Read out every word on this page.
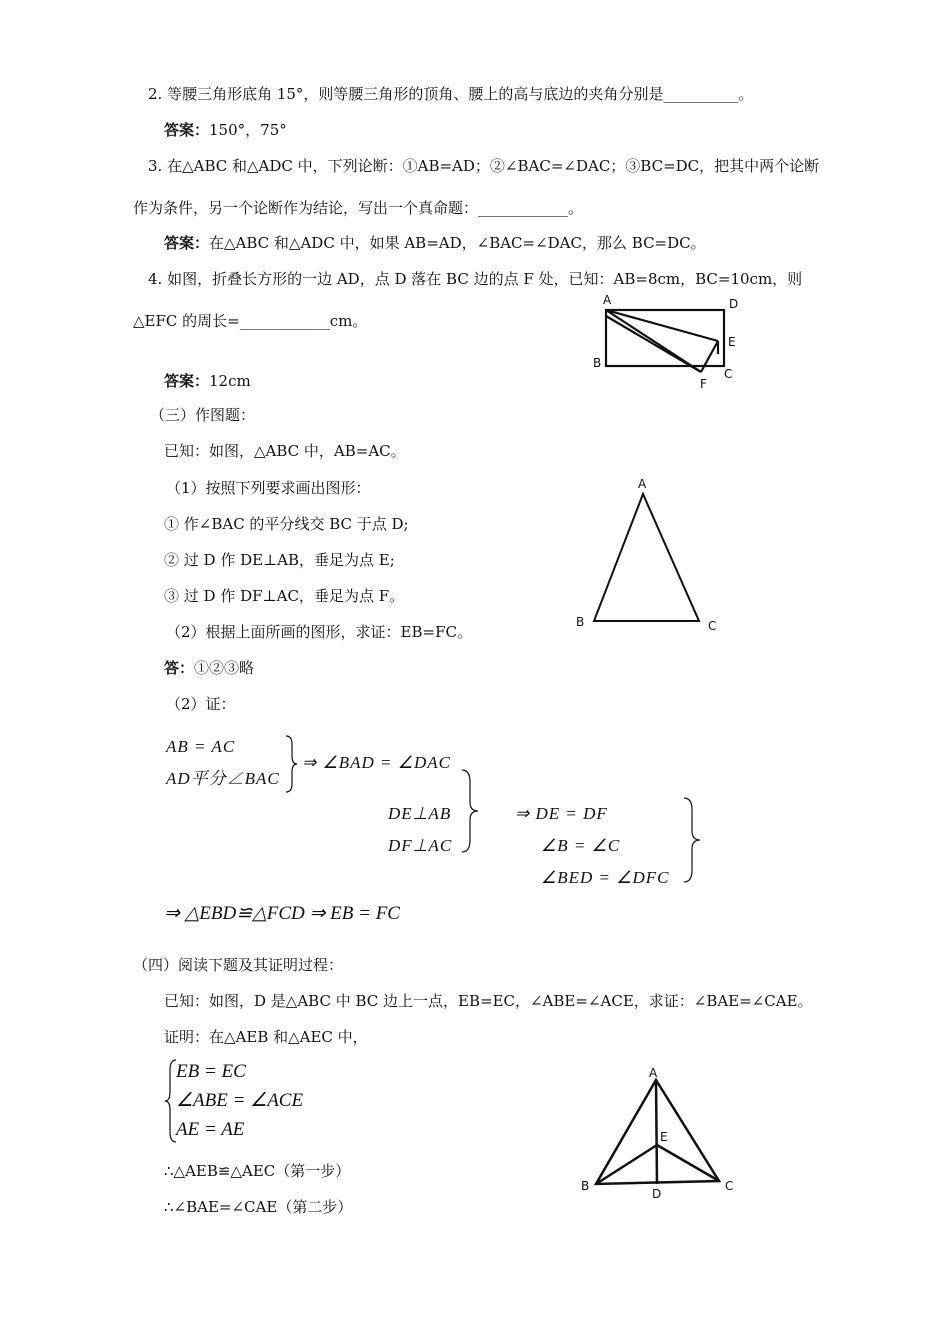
2. 等腰三角形底角 15°，则等腰三角形的顶角、腰上的高与底边的夹角分别是__________。
答案：150°，75°
3. 在△ABC 和△ADC 中，下列论断：①AB=AD；②∠BAC=∠DAC；③BC=DC，把其中两个论断
作为条件，另一个论断作为结论，写出一个真命题：____________。
答案：在△ABC 和△ADC 中，如果 AB=AD，∠BAC=∠DAC，那么 BC=DC。
4. 如图，折叠长方形的一边 AD，点 D 落在 BC 边的点 F 处，已知：AB=8cm，BC=10cm，则
△EFC 的周长=____________cm。
答案：12cm
A	D
E
B
C
F
（三）作图题：
已知：如图，△ABC 中，AB=AC。
（1）按照下列要求画出图形：
① 作∠BAC 的平分线交 BC 于点 D;
② 过 D 作 DE⊥AB，垂足为点 E;
③ 过 D 作 DF⊥AC，垂足为点 F。
（2）根据上面所画的图形，求证：EB=FC。
答：①②③略
（2）证：
A
B	C
AB = AC
AD平分∠BAC
⇒ ∠BAD = ∠DAC
DE⊥AB
DF⊥AC
⇒ DE = DF
∠B = ∠C
∠BED = ∠DFC
⇒ △EBD≌△FCD ⇒ EB = FC
（四）阅读下题及其证明过程：
已知：如图，D 是△ABC 中 BC 边上一点，EB=EC，∠ABE=∠ACE，求证：∠BAE=∠CAE。
证明：在△AEB 和△AEC 中，
EB = EC
∠ABE = ∠ACE
AE = AE
∴△AEB≌△AEC（第一步）
∴∠BAE=∠CAE（第二步）
A
E
B
D
C
